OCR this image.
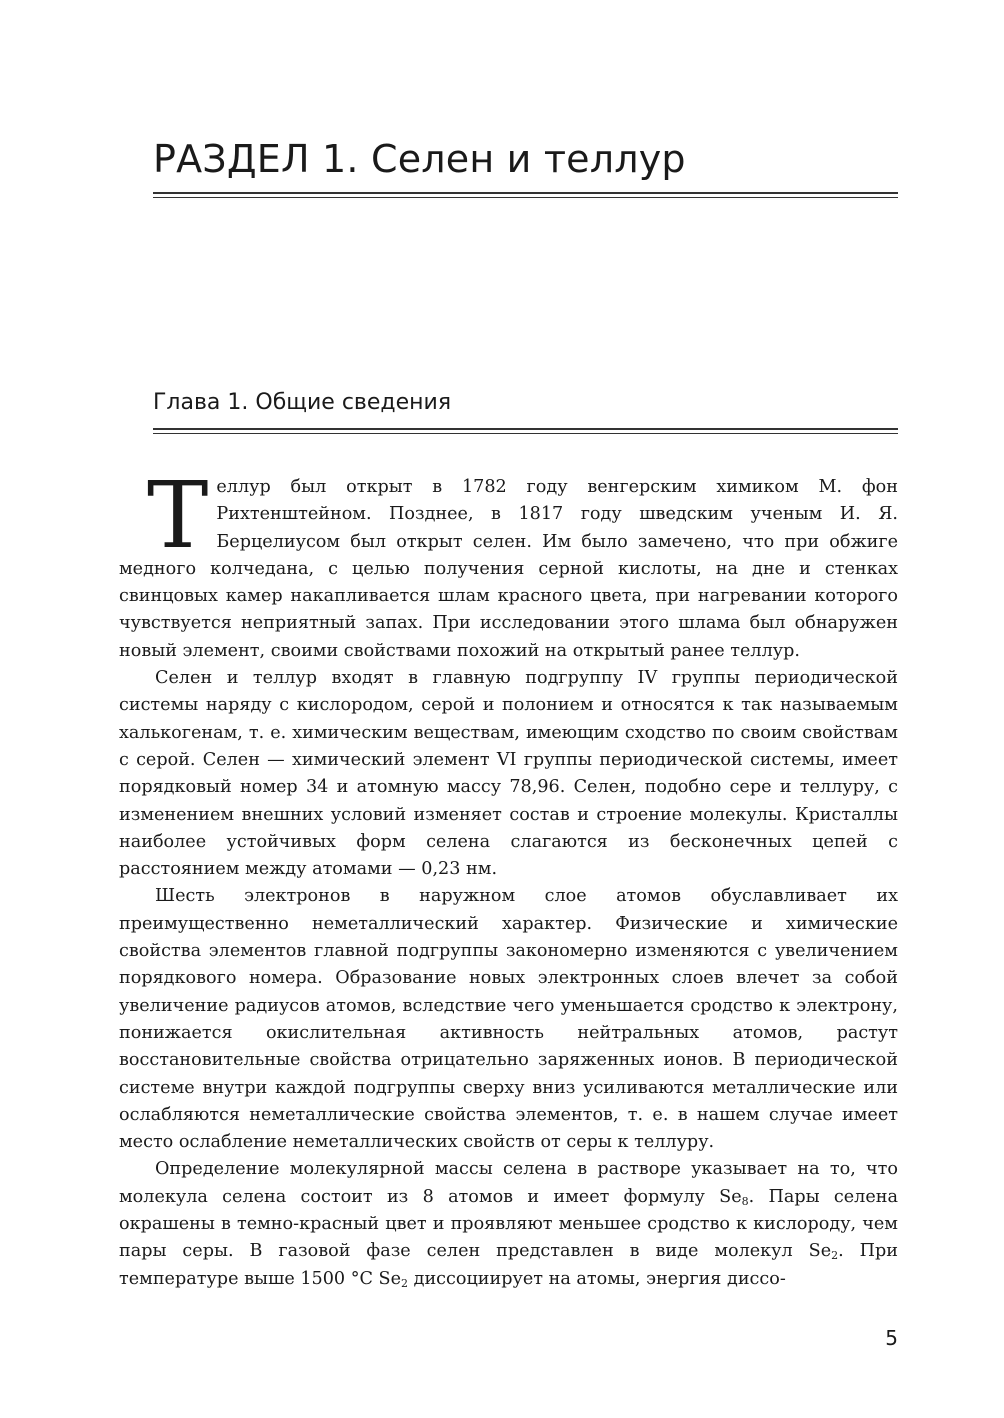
РАЗДЕЛ 1. Селен и теллур
Глава 1. Общие сведения

Теллур был открыт в 1782 году венгерским химиком М. фон Рихтенштейном. Позднее, в 1817 году шведским ученым И. Я. Берцелиусом был открыт селен. Им было замечено, что при обжиге медного колчедана, с целью получения серной кислоты, на дне и стенках свинцовых камер накапливается шлам красного цвета, при нагревании которого чувствуется неприятный запах. При исследовании этого шлама был обнаружен новый элемент, своими свойствами похожий на открытый ранее теллур.

Селен и теллур входят в главную подгруппу IV группы периодической системы наряду с кислородом, серой и полонием и относятся к так называемым халькогенам, т. е. химическим веществам, имеющим сходство по своим свойствам с серой. Селен — химический элемент VI группы периодической системы, имеет порядковый номер 34 и атомную массу 78,96. Селен, подобно сере и теллуру, с изменением внешних условий изменяет состав и строение молекулы. Кристаллы наиболее устойчивых форм селена слагаются из бесконечных цепей с расстоянием между атомами — 0,23 нм.

Шесть электронов в наружном слое атомов обуславливает их преимущественно неметаллический характер. Физические и химические свойства элементов главной подгруппы закономерно изменяются с увеличением порядкового номера. Образование новых электронных слоев влечет за собой увеличение радиусов атомов, вследствие чего уменьшается сродство к электрону, понижается окислительная активность нейтральных атомов, растут восстановительные свойства отрицательно заряженных ионов. В периодической системе внутри каждой подгруппы сверху вниз усиливаются металлические или ослабляются неметаллические свойства элементов, т. е. в нашем случае имеет место ослабление неметаллических свойств от серы к теллуру.

Определение молекулярной массы селена в растворе указывает на то, что молекула селена состоит из 8 атомов и имеет формулу $Se_8$. Пары селена окрашены в темно-красный цвет и проявляют меньшее сродство к кислороду, чем пары серы. В газовой фазе селен представлен в виде молекул $Se_2$. При температуре выше 1500 °C $Se_2$ диссоциирует на атомы, энергия диссо-

5
